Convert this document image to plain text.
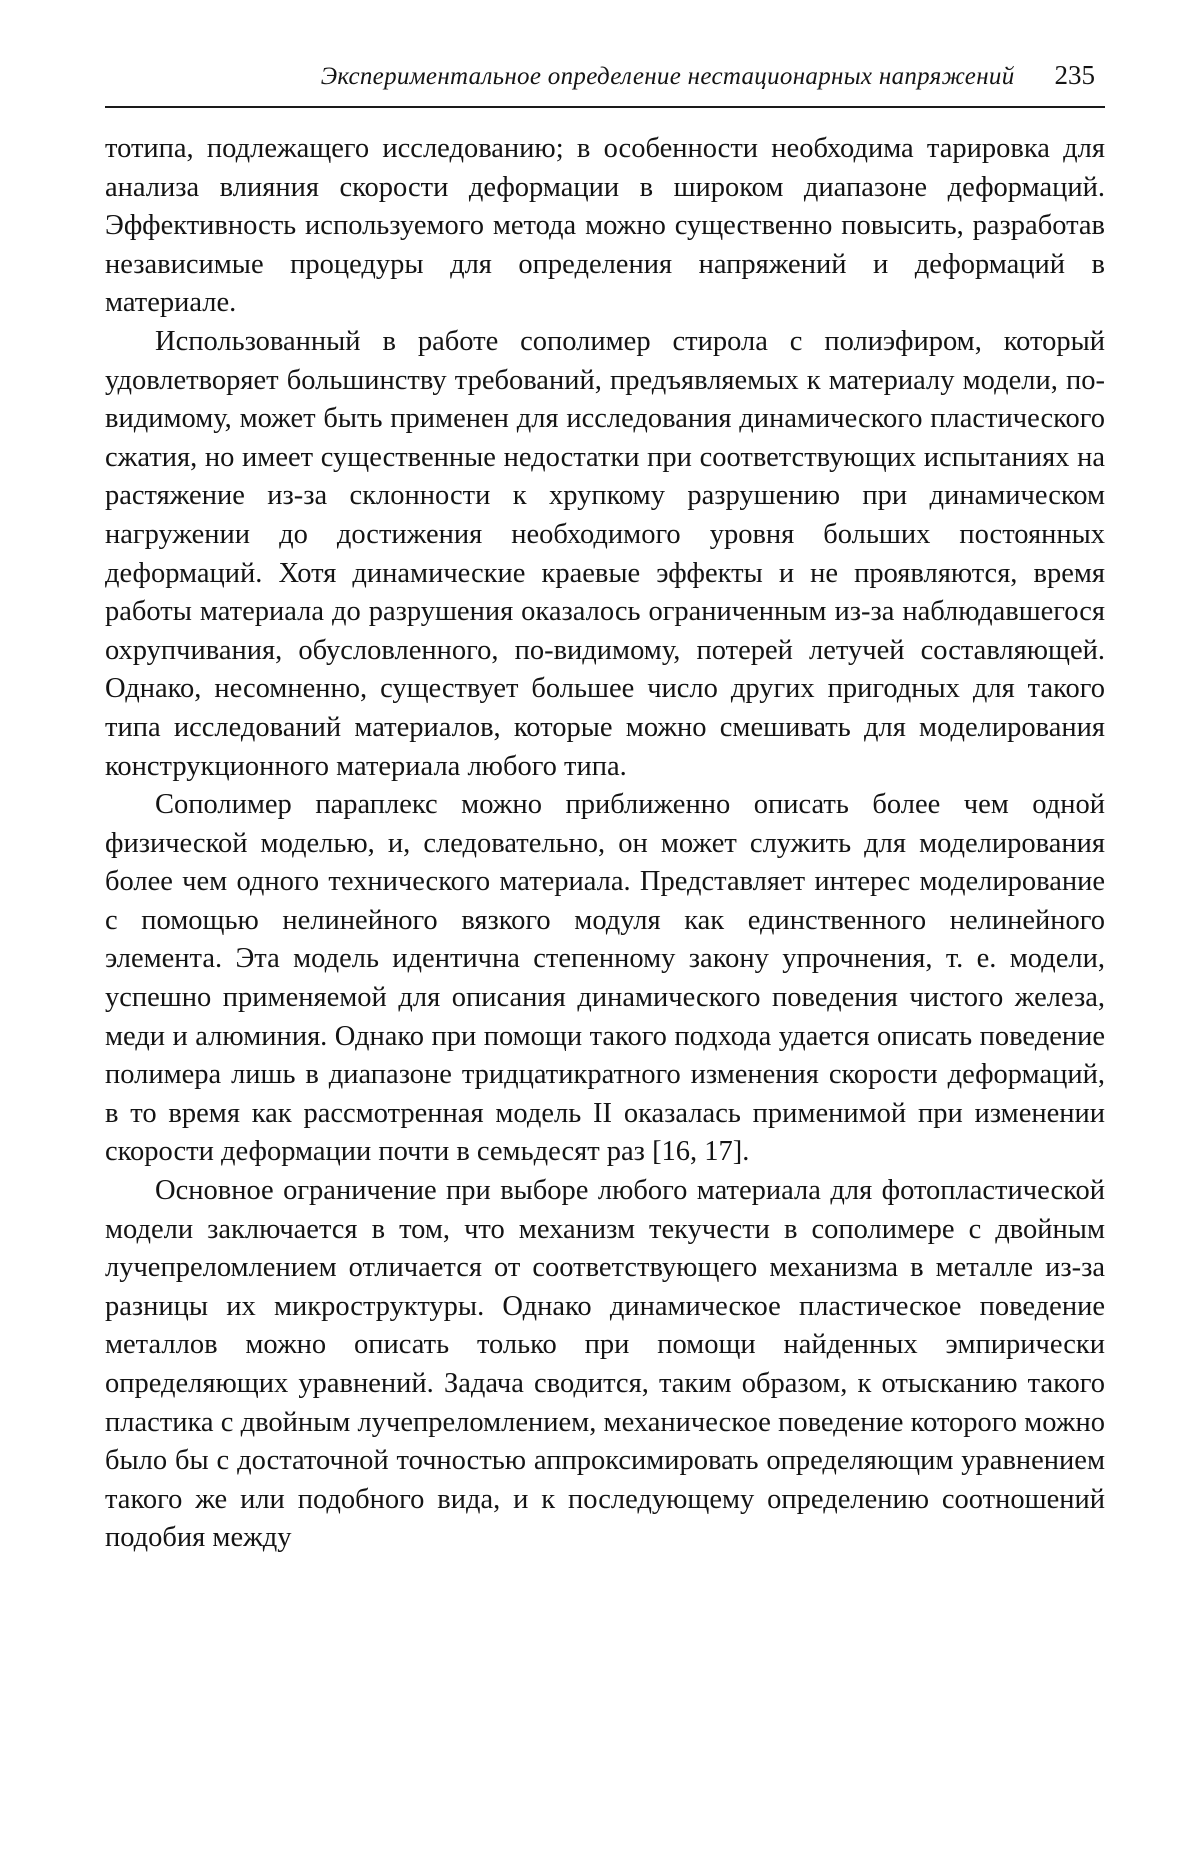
Экспериментальное определение нестационарных напряжений 235

тотипа, подлежащего исследованию; в особенности необходима тарировка для анализа влияния скорости деформации в широком диапазоне деформаций. Эффективность используемого метода можно существенно повысить, разработав независимые процедуры для определения напряжений и деформаций в материале.

Использованный в работе сополимер стирола с полиэфиром, который удовлетворяет большинству требований, предъявляемых к материалу модели, по-видимому, может быть применен для исследования динамического пластического сжатия, но имеет существенные недостатки при соответствующих испытаниях на растяжение из-за склонности к хрупкому разрушению при динамическом нагружении до достижения необходимого уровня больших постоянных деформаций. Хотя динамические краевые эффекты и не проявляются, время работы материала до разрушения оказалось ограниченным из-за наблюдавшегося охрупчивания, обусловленного, по-видимому, потерей летучей составляющей. Однако, несомненно, существует большее число других пригодных для такого типа исследований материалов, которые можно смешивать для моделирования конструкционного материала любого типа.

Сополимер параплекс можно приближенно описать более чем одной физической моделью, и, следовательно, он может служить для моделирования более чем одного технического материала. Представляет интерес моделирование с помощью нелинейного вязкого модуля как единственного нелинейного элемента. Эта модель идентична степенному закону упрочнения, т. е. модели, успешно применяемой для описания динамического поведения чистого железа, меди и алюминия. Однако при помощи такого подхода удается описать поведение полимера лишь в диапазоне тридцатикратного изменения скорости деформаций, в то время как рассмотренная модель II оказалась применимой при изменении скорости деформации почти в семьдесят раз [16, 17].

Основное ограничение при выборе любого материала для фотопластической модели заключается в том, что механизм текучести в сополимере с двойным лучепреломлением отличается от соответствующего механизма в металле из-за разницы их микроструктуры. Однако динамическое пластическое поведение металлов можно описать только при помощи найденных эмпирически определяющих уравнений. Задача сводится, таким образом, к отысканию такого пластика с двойным лучепреломлением, механическое поведение которого можно было бы с достаточной точностью аппроксимировать определяющим уравнением такого же или подобного вида, и к последующему определению соотношений подобия между
